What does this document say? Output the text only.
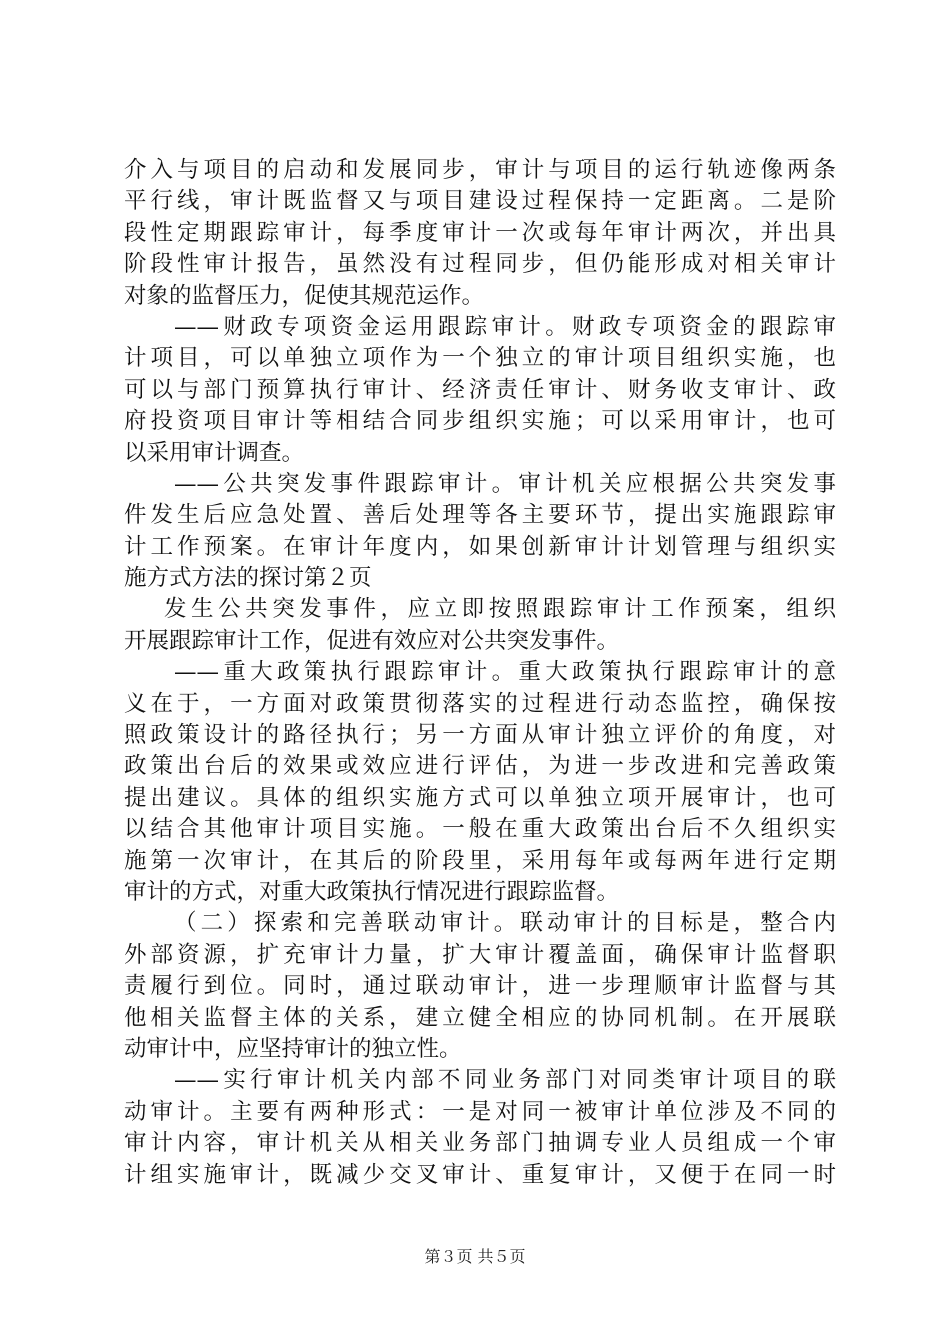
介入与项目的启动和发展同步，审计与项目的运行轨迹像两条
平行线，审计既监督又与项目建设过程保持一定距离。二是阶
段性定期跟踪审计，每季度审计一次或每年审计两次，并出具
阶段性审计报告，虽然没有过程同步，但仍能形成对相关审计
对象的监督压力，促使其规范运作。
——财政专项资金运用跟踪审计。财政专项资金的跟踪审
计项目，可以单独立项作为一个独立的审计项目组织实施，也
可以与部门预算执行审计、经济责任审计、财务收支审计、政
府投资项目审计等相结合同步组织实施；可以采用审计，也可
以采用审计调查。
——公共突发事件跟踪审计。审计机关应根据公共突发事
件发生后应急处置、善后处理等各主要环节，提出实施跟踪审
计工作预案。在审计年度内，如果创新审计计划管理与组织实
施方式方法的探讨第２页
发生公共突发事件，应立即按照跟踪审计工作预案，组织
开展跟踪审计工作，促进有效应对公共突发事件。
——重大政策执行跟踪审计。重大政策执行跟踪审计的意
义在于，一方面对政策贯彻落实的过程进行动态监控，确保按
照政策设计的路径执行；另一方面从审计独立评价的角度，对
政策出台后的效果或效应进行评估，为进一步改进和完善政策
提出建议。具体的组织实施方式可以单独立项开展审计，也可
以结合其他审计项目实施。一般在重大政策出台后不久组织实
施第一次审计，在其后的阶段里，采用每年或每两年进行定期
审计的方式，对重大政策执行情况进行跟踪监督。
（二）探索和完善联动审计。联动审计的目标是，整合内
外部资源，扩充审计力量，扩大审计覆盖面，确保审计监督职
责履行到位。同时，通过联动审计，进一步理顺审计监督与其
他相关监督主体的关系，建立健全相应的协同机制。在开展联
动审计中，应坚持审计的独立性。
——实行审计机关内部不同业务部门对同类审计项目的联
动审计。主要有两种形式：一是对同一被审计单位涉及不同的
审计内容，审计机关从相关业务部门抽调专业人员组成一个审
计组实施审计，既减少交叉审计、重复审计，又便于在同一时
第３页 共５页
